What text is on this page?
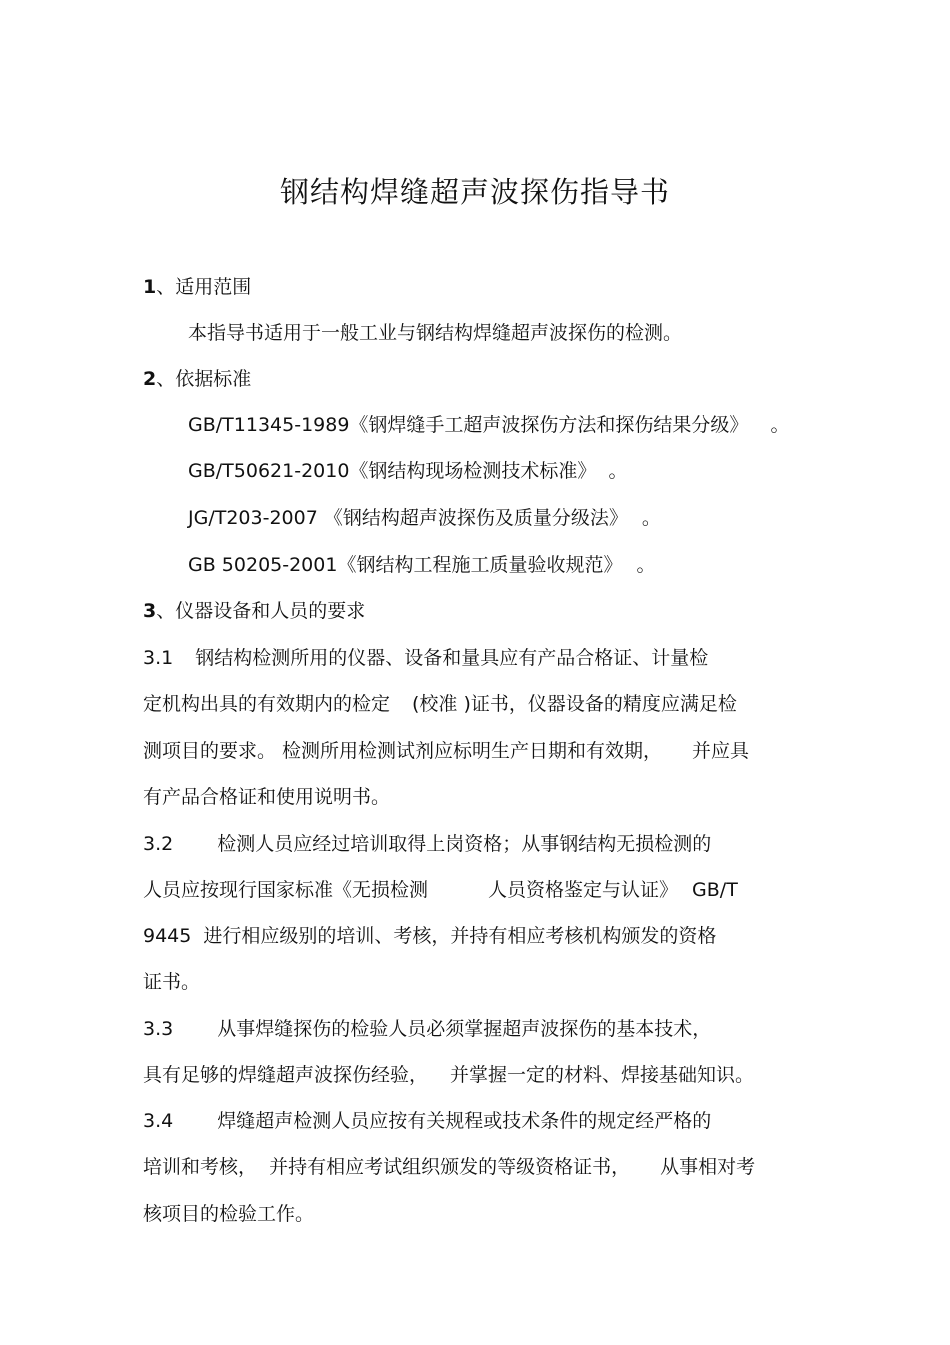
钢结构焊缝超声波探伤指导书
1、适用范围
本指导书适用于一般工业与钢结构焊缝超声波探伤的检测。
2、依据标准
GB/T11345-1989《钢焊缝手工超声波探伤方法和探伤结果分级》 。
GB/T50621-2010《钢结构现场检测技术标准》 。
JG/T203-2007 《钢结构超声波探伤及质量分级法》 。
GB 50205-2001《钢结构工程施工质量验收规范》 。
3、仪器设备和人员的要求
3.1 钢结构检测所用的仪器、设备和量具应有产品合格证、计量检
定机构出具的有效期内的检定 (校准 )证书，仪器设备的精度应满足检
测项目的要求。 检测所用检测试剂应标明生产日期和有效期， 并应具
有产品合格证和使用说明书。
3.2 检测人员应经过培训取得上岗资格；从事钢结构无损检测的
人员应按现行国家标准《无损检测	人员资格鉴定与认证》 GB/T
9445  进行相应级别的培训、考核，并持有相应考核机构颁发的资格
证书。
3.3 从事焊缝探伤的检验人员必须掌握超声波探伤的基本技术，
具有足够的焊缝超声波探伤经验， 并掌握一定的材料、焊接基础知识。
3.4 焊缝超声检测人员应按有关规程或技术条件的规定经严格的
培训和考核，  并持有相应考试组织颁发的等级资格证书， 从事相对考
核项目的检验工作。
